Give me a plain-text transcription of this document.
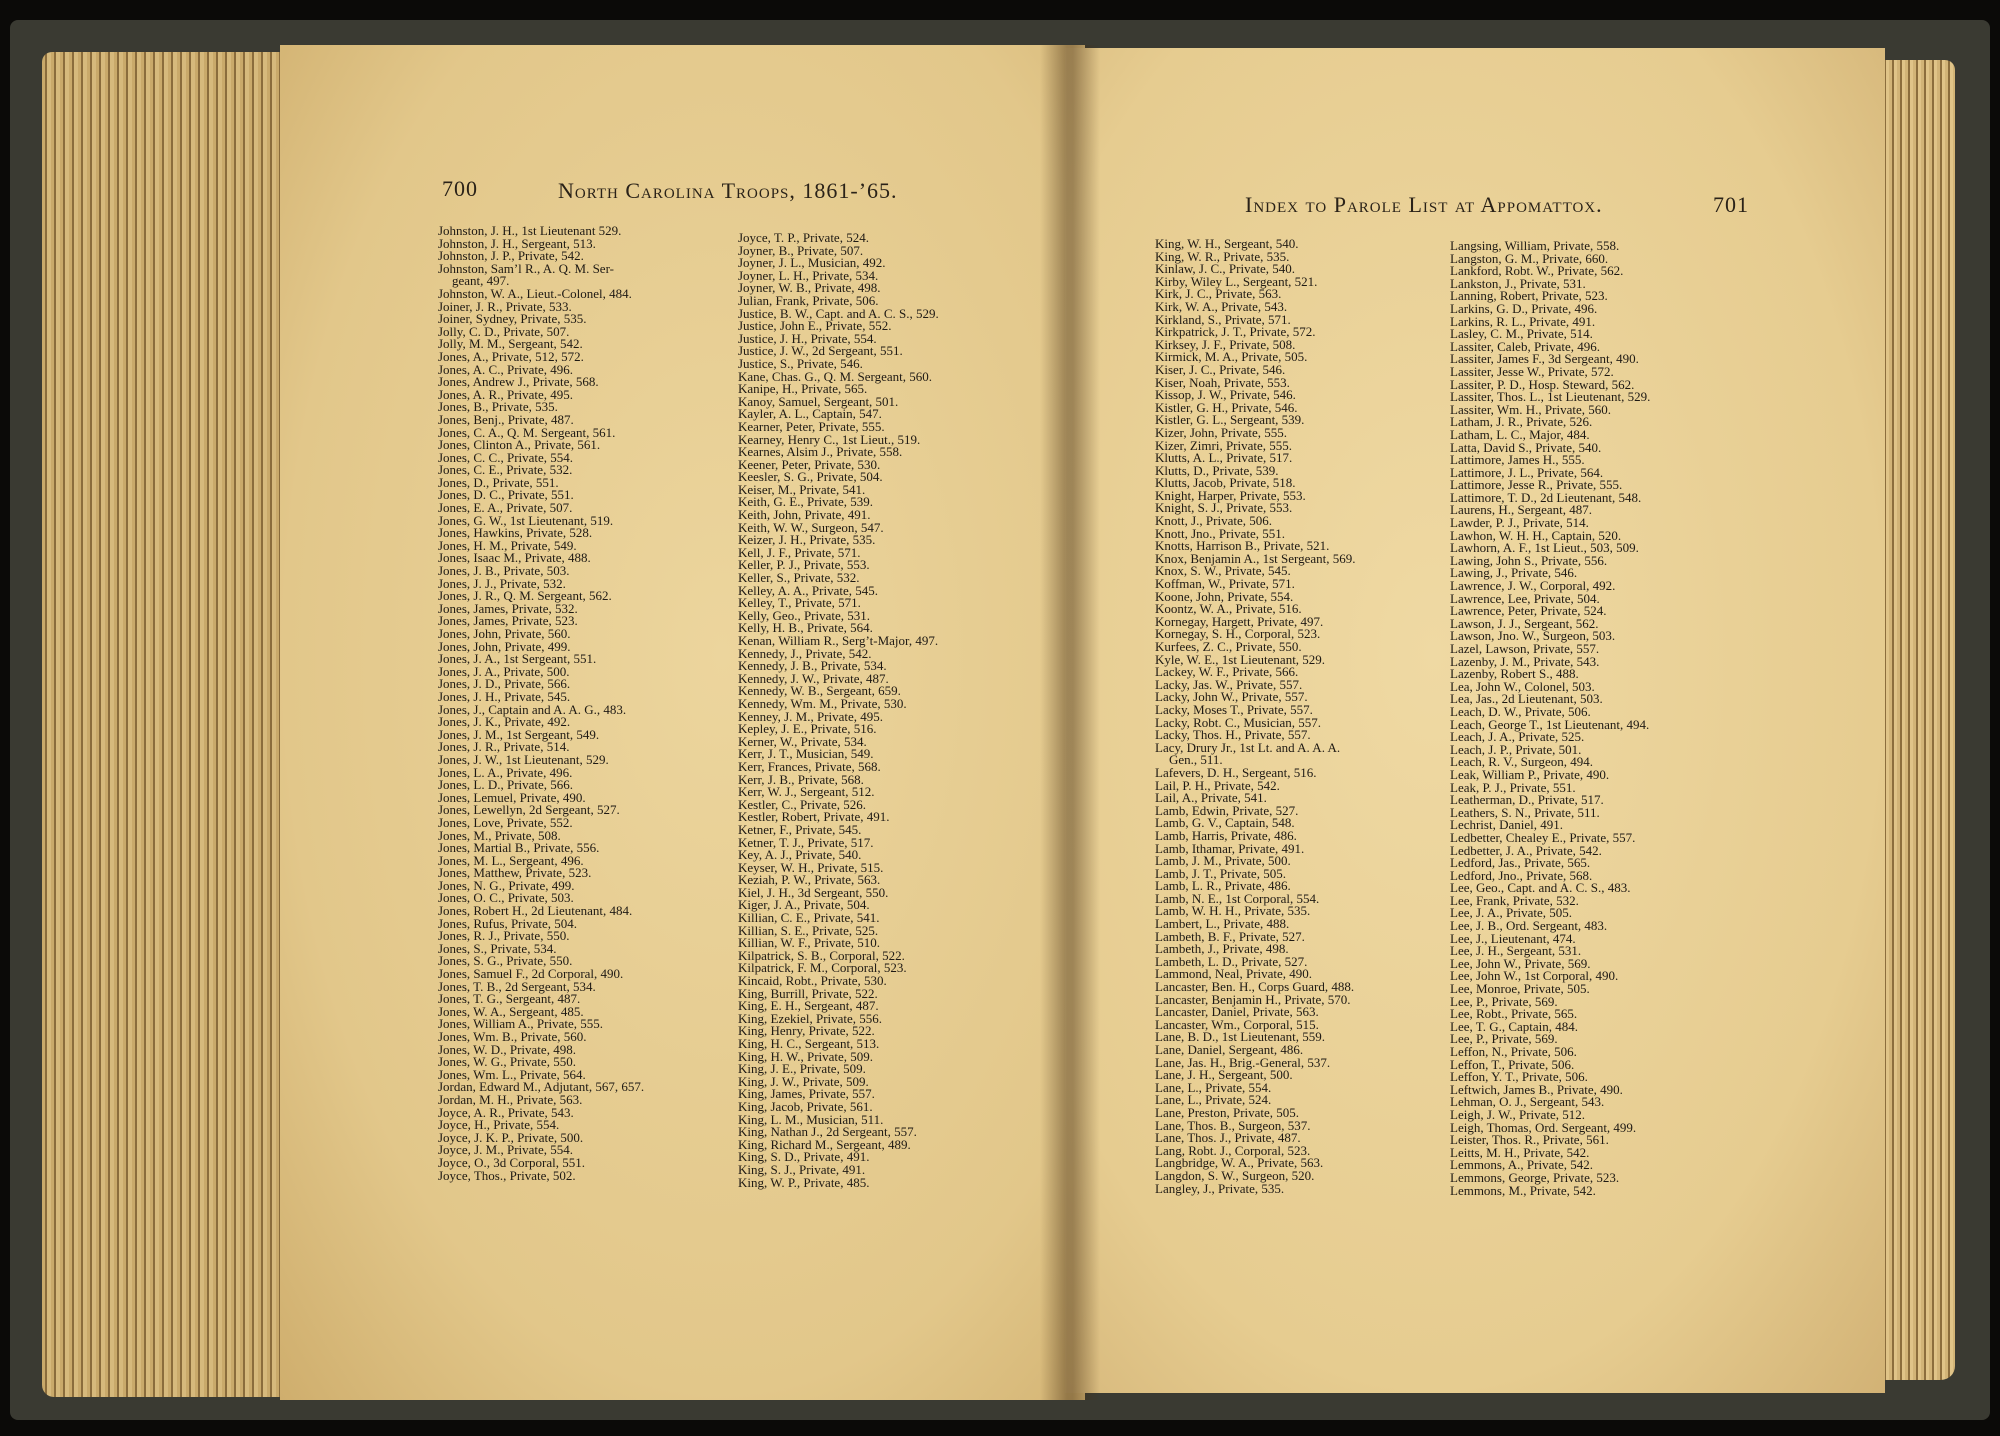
700	North Carolina Troops, 1861-’65.
Index to Parole List at Appomattox.	701
Johnston, J. H., 1st Lieutenant 529.
Johnston, J. H., Sergeant, 513.
Johnston, J. P., Private, 542.
Johnston, Sam’l R., A. Q. M. Ser-
geant, 497.
Johnston, W. A., Lieut.-Colonel, 484.
Joiner, J. R., Private, 533.
Joiner, Sydney, Private, 535.
Jolly, C. D., Private, 507.
Jolly, M. M., Sergeant, 542.
Jones, A., Private, 512, 572.
Jones, A. C., Private, 496.
Jones, Andrew J., Private, 568.
Jones, A. R., Private, 495.
Jones, B., Private, 535.
Jones, Benj., Private, 487.
Jones, C. A., Q. M. Sergeant, 561.
Jones, Clinton A., Private, 561.
Jones, C. C., Private, 554.
Jones, C. E., Private, 532.
Jones, D., Private, 551.
Jones, D. C., Private, 551.
Jones, E. A., Private, 507.
Jones, G. W., 1st Lieutenant, 519.
Jones, Hawkins, Private, 528.
Jones, H. M., Private, 549.
Jones, Isaac M., Private, 488.
Jones, J. B., Private, 503.
Jones, J. J., Private, 532.
Jones, J. R., Q. M. Sergeant, 562.
Jones, James, Private, 532.
Jones, James, Private, 523.
Jones, John, Private, 560.
Jones, John, Private, 499.
Jones, J. A., 1st Sergeant, 551.
Jones, J. A., Private, 500.
Jones, J. D., Private, 566.
Jones, J. H., Private, 545.
Jones, J., Captain and A. A. G., 483.
Jones, J. K., Private, 492.
Jones, J. M., 1st Sergeant, 549.
Jones, J. R., Private, 514.
Jones, J. W., 1st Lieutenant, 529.
Jones, L. A., Private, 496.
Jones, L. D., Private, 566.
Jones, Lemuel, Private, 490.
Jones, Lewellyn, 2d Sergeant, 527.
Jones, Love, Private, 552.
Jones, M., Private, 508.
Jones, Martial B., Private, 556.
Jones, M. L., Sergeant, 496.
Jones, Matthew, Private, 523.
Jones, N. G., Private, 499.
Jones, O. C., Private, 503.
Jones, Robert H., 2d Lieutenant, 484.
Jones, Rufus, Private, 504.
Jones, R. J., Private, 550.
Jones, S., Private, 534.
Jones, S. G., Private, 550.
Jones, Samuel F., 2d Corporal, 490.
Jones, T. B., 2d Sergeant, 534.
Jones, T. G., Sergeant, 487.
Jones, W. A., Sergeant, 485.
Jones, William A., Private, 555.
Jones, Wm. B., Private, 560.
Jones, W. D., Private, 498.
Jones, W. G., Private, 550.
Jones, Wm. L., Private, 564.
Jordan, Edward M., Adjutant, 567, 657.
Jordan, M. H., Private, 563.
Joyce, A. R., Private, 543.
Joyce, H., Private, 554.
Joyce, J. K. P., Private, 500.
Joyce, J. M., Private, 554.
Joyce, O., 3d Corporal, 551.
Joyce, Thos., Private, 502.
Joyce, T. P., Private, 524.
Joyner, B., Private, 507.
Joyner, J. L., Musician, 492.
Joyner, L. H., Private, 534.
Joyner, W. B., Private, 498.
Julian, Frank, Private, 506.
Justice, B. W., Capt. and A. C. S., 529.
Justice, John E., Private, 552.
Justice, J. H., Private, 554.
Justice, J. W., 2d Sergeant, 551.
Justice, S., Private, 546.
Kane, Chas. G., Q. M. Sergeant, 560.
Kanipe, H., Private, 565.
Kanoy, Samuel, Sergeant, 501.
Kayler, A. L., Captain, 547.
Kearner, Peter, Private, 555.
Kearney, Henry C., 1st Lieut., 519.
Kearnes, Alsim J., Private, 558.
Keener, Peter, Private, 530.
Keesler, S. G., Private, 504.
Keiser, M., Private, 541.
Keith, G. E., Private, 539.
Keith, John, Private, 491.
Keith, W. W., Surgeon, 547.
Keizer, J. H., Private, 535.
Kell, J. F., Private, 571.
Keller, P. J., Private, 553.
Keller, S., Private, 532.
Kelley, A. A., Private, 545.
Kelley, T., Private, 571.
Kelly, Geo., Private, 531.
Kelly, H. B., Private, 564.
Kenan, William R., Serg’t-Major, 497.
Kennedy, J., Private, 542.
Kennedy, J. B., Private, 534.
Kennedy, J. W., Private, 487.
Kennedy, W. B., Sergeant, 659.
Kennedy, Wm. M., Private, 530.
Kenney, J. M., Private, 495.
Kepley, J. E., Private, 516.
Kerner, W., Private, 534.
Kerr, J. T., Musician, 549.
Kerr, Frances, Private, 568.
Kerr, J. B., Private, 568.
Kerr, W. J., Sergeant, 512.
Kestler, C., Private, 526.
Kestler, Robert, Private, 491.
Ketner, F., Private, 545.
Ketner, T. J., Private, 517.
Key, A. J., Private, 540.
Keyser, W. H., Private, 515.
Keziah, P. W., Private, 563.
Kiel, J. H., 3d Sergeant, 550.
Kiger, J. A., Private, 504.
Killian, C. E., Private, 541.
Killian, S. E., Private, 525.
Killian, W. F., Private, 510.
Kilpatrick, S. B., Corporal, 522.
Kilpatrick, F. M., Corporal, 523.
Kincaid, Robt., Private, 530.
King, Burrill, Private, 522.
King, E. H., Sergeant, 487.
King, Ezekiel, Private, 556.
King, Henry, Private, 522.
King, H. C., Sergeant, 513.
King, H. W., Private, 509.
King, J. E., Private, 509.
King, J. W., Private, 509.
King, James, Private, 557.
King, Jacob, Private, 561.
King, L. M., Musician, 511.
King, Nathan J., 2d Sergeant, 557.
King, Richard M., Sergeant, 489.
King, S. D., Private, 491.
King, S. J., Private, 491.
King, W. P., Private, 485.
King, W. H., Sergeant, 540.
King, W. R., Private, 535.
Kinlaw, J. C., Private, 540.
Kirby, Wiley L., Sergeant, 521.
Kirk, J. C., Private, 563.
Kirk, W. A., Private, 543.
Kirkland, S., Private, 571.
Kirkpatrick, J. T., Private, 572.
Kirksey, J. F., Private, 508.
Kirmick, M. A., Private, 505.
Kiser, J. C., Private, 546.
Kiser, Noah, Private, 553.
Kissop, J. W., Private, 546.
Kistler, G. H., Private, 546.
Kistler, G. L., Sergeant, 539.
Kizer, John, Private, 555.
Kizer, Zimri, Private, 555.
Klutts, A. L., Private, 517.
Klutts, D., Private, 539.
Klutts, Jacob, Private, 518.
Knight, Harper, Private, 553.
Knight, S. J., Private, 553.
Knott, J., Private, 506.
Knott, Jno., Private, 551.
Knotts, Harrison B., Private, 521.
Knox, Benjamin A., 1st Sergeant, 569.
Knox, S. W., Private, 545.
Koffman, W., Private, 571.
Koone, John, Private, 554.
Koontz, W. A., Private, 516.
Kornegay, Hargett, Private, 497.
Kornegay, S. H., Corporal, 523.
Kurfees, Z. C., Private, 550.
Kyle, W. E., 1st Lieutenant, 529.
Lackey, W. F., Private, 566.
Lacky, Jas. W., Private, 557.
Lacky, John W., Private, 557.
Lacky, Moses T., Private, 557.
Lacky, Robt. C., Musician, 557.
Lacky, Thos. H., Private, 557.
Lacy, Drury Jr., 1st Lt. and A. A. A.
Gen., 511.
Lafevers, D. H., Sergeant, 516.
Lail, P. H., Private, 542.
Lail, A., Private, 541.
Lamb, Edwin, Private, 527.
Lamb, G. V., Captain, 548.
Lamb, Harris, Private, 486.
Lamb, Ithamar, Private, 491.
Lamb, J. M., Private, 500.
Lamb, J. T., Private, 505.
Lamb, L. R., Private, 486.
Lamb, N. E., 1st Corporal, 554.
Lamb, W. H. H., Private, 535.
Lambert, L., Private, 488.
Lambeth, B. F., Private, 527.
Lambeth, J., Private, 498.
Lambeth, L. D., Private, 527.
Lammond, Neal, Private, 490.
Lancaster, Ben. H., Corps Guard, 488.
Lancaster, Benjamin H., Private, 570.
Lancaster, Daniel, Private, 563.
Lancaster, Wm., Corporal, 515.
Lane, B. D., 1st Lieutenant, 559.
Lane, Daniel, Sergeant, 486.
Lane, Jas. H., Brig.-General, 537.
Lane, J. H., Sergeant, 500.
Lane, L., Private, 554.
Lane, L., Private, 524.
Lane, Preston, Private, 505.
Lane, Thos. B., Surgeon, 537.
Lane, Thos. J., Private, 487.
Lang, Robt. J., Corporal, 523.
Langbridge, W. A., Private, 563.
Langdon, S. W., Surgeon, 520.
Langley, J., Private, 535.
Langsing, William, Private, 558.
Langston, G. M., Private, 660.
Lankford, Robt. W., Private, 562.
Lankston, J., Private, 531.
Lanning, Robert, Private, 523.
Larkins, G. D., Private, 496.
Larkins, R. L., Private, 491.
Lasley, C. M., Private, 514.
Lassiter, Caleb, Private, 496.
Lassiter, James F., 3d Sergeant, 490.
Lassiter, Jesse W., Private, 572.
Lassiter, P. D., Hosp. Steward, 562.
Lassiter, Thos. L., 1st Lieutenant, 529.
Lassiter, Wm. H., Private, 560.
Latham, J. R., Private, 526.
Latham, L. C., Major, 484.
Latta, David S., Private, 540.
Lattimore, James H., 555.
Lattimore, J. L., Private, 564.
Lattimore, Jesse R., Private, 555.
Lattimore, T. D., 2d Lieutenant, 548.
Laurens, H., Sergeant, 487.
Lawder, P. J., Private, 514.
Lawhon, W. H. H., Captain, 520.
Lawhorn, A. F., 1st Lieut., 503, 509.
Lawing, John S., Private, 556.
Lawing, J., Private, 546.
Lawrence, J. W., Corporal, 492.
Lawrence, Lee, Private, 504.
Lawrence, Peter, Private, 524.
Lawson, J. J., Sergeant, 562.
Lawson, Jno. W., Surgeon, 503.
Lazel, Lawson, Private, 557.
Lazenby, J. M., Private, 543.
Lazenby, Robert S., 488.
Lea, John W., Colonel, 503.
Lea, Jas., 2d Lieutenant, 503.
Leach, D. W., Private, 506.
Leach, George T., 1st Lieutenant, 494.
Leach, J. A., Private, 525.
Leach, J. P., Private, 501.
Leach, R. V., Surgeon, 494.
Leak, William P., Private, 490.
Leak, P. J., Private, 551.
Leatherman, D., Private, 517.
Leathers, S. N., Private, 511.
Lechrist, Daniel, 491.
Ledbetter, Chealey E., Private, 557.
Ledbetter, J. A., Private, 542.
Ledford, Jas., Private, 565.
Ledford, Jno., Private, 568.
Lee, Geo., Capt. and A. C. S., 483.
Lee, Frank, Private, 532.
Lee, J. A., Private, 505.
Lee, J. B., Ord. Sergeant, 483.
Lee, J., Lieutenant, 474.
Lee, J. H., Sergeant, 531.
Lee, John W., Private, 569.
Lee, John W., 1st Corporal, 490.
Lee, Monroe, Private, 505.
Lee, P., Private, 569.
Lee, Robt., Private, 565.
Lee, T. G., Captain, 484.
Lee, P., Private, 569.
Leffon, N., Private, 506.
Leffon, T., Private, 506.
Leffon, Y. T., Private, 506.
Leftwich, James B., Private, 490.
Lehman, O. J., Sergeant, 543.
Leigh, J. W., Private, 512.
Leigh, Thomas, Ord. Sergeant, 499.
Leister, Thos. R., Private, 561.
Leitts, M. H., Private, 542.
Lemmons, A., Private, 542.
Lemmons, George, Private, 523.
Lemmons, M., Private, 542.
